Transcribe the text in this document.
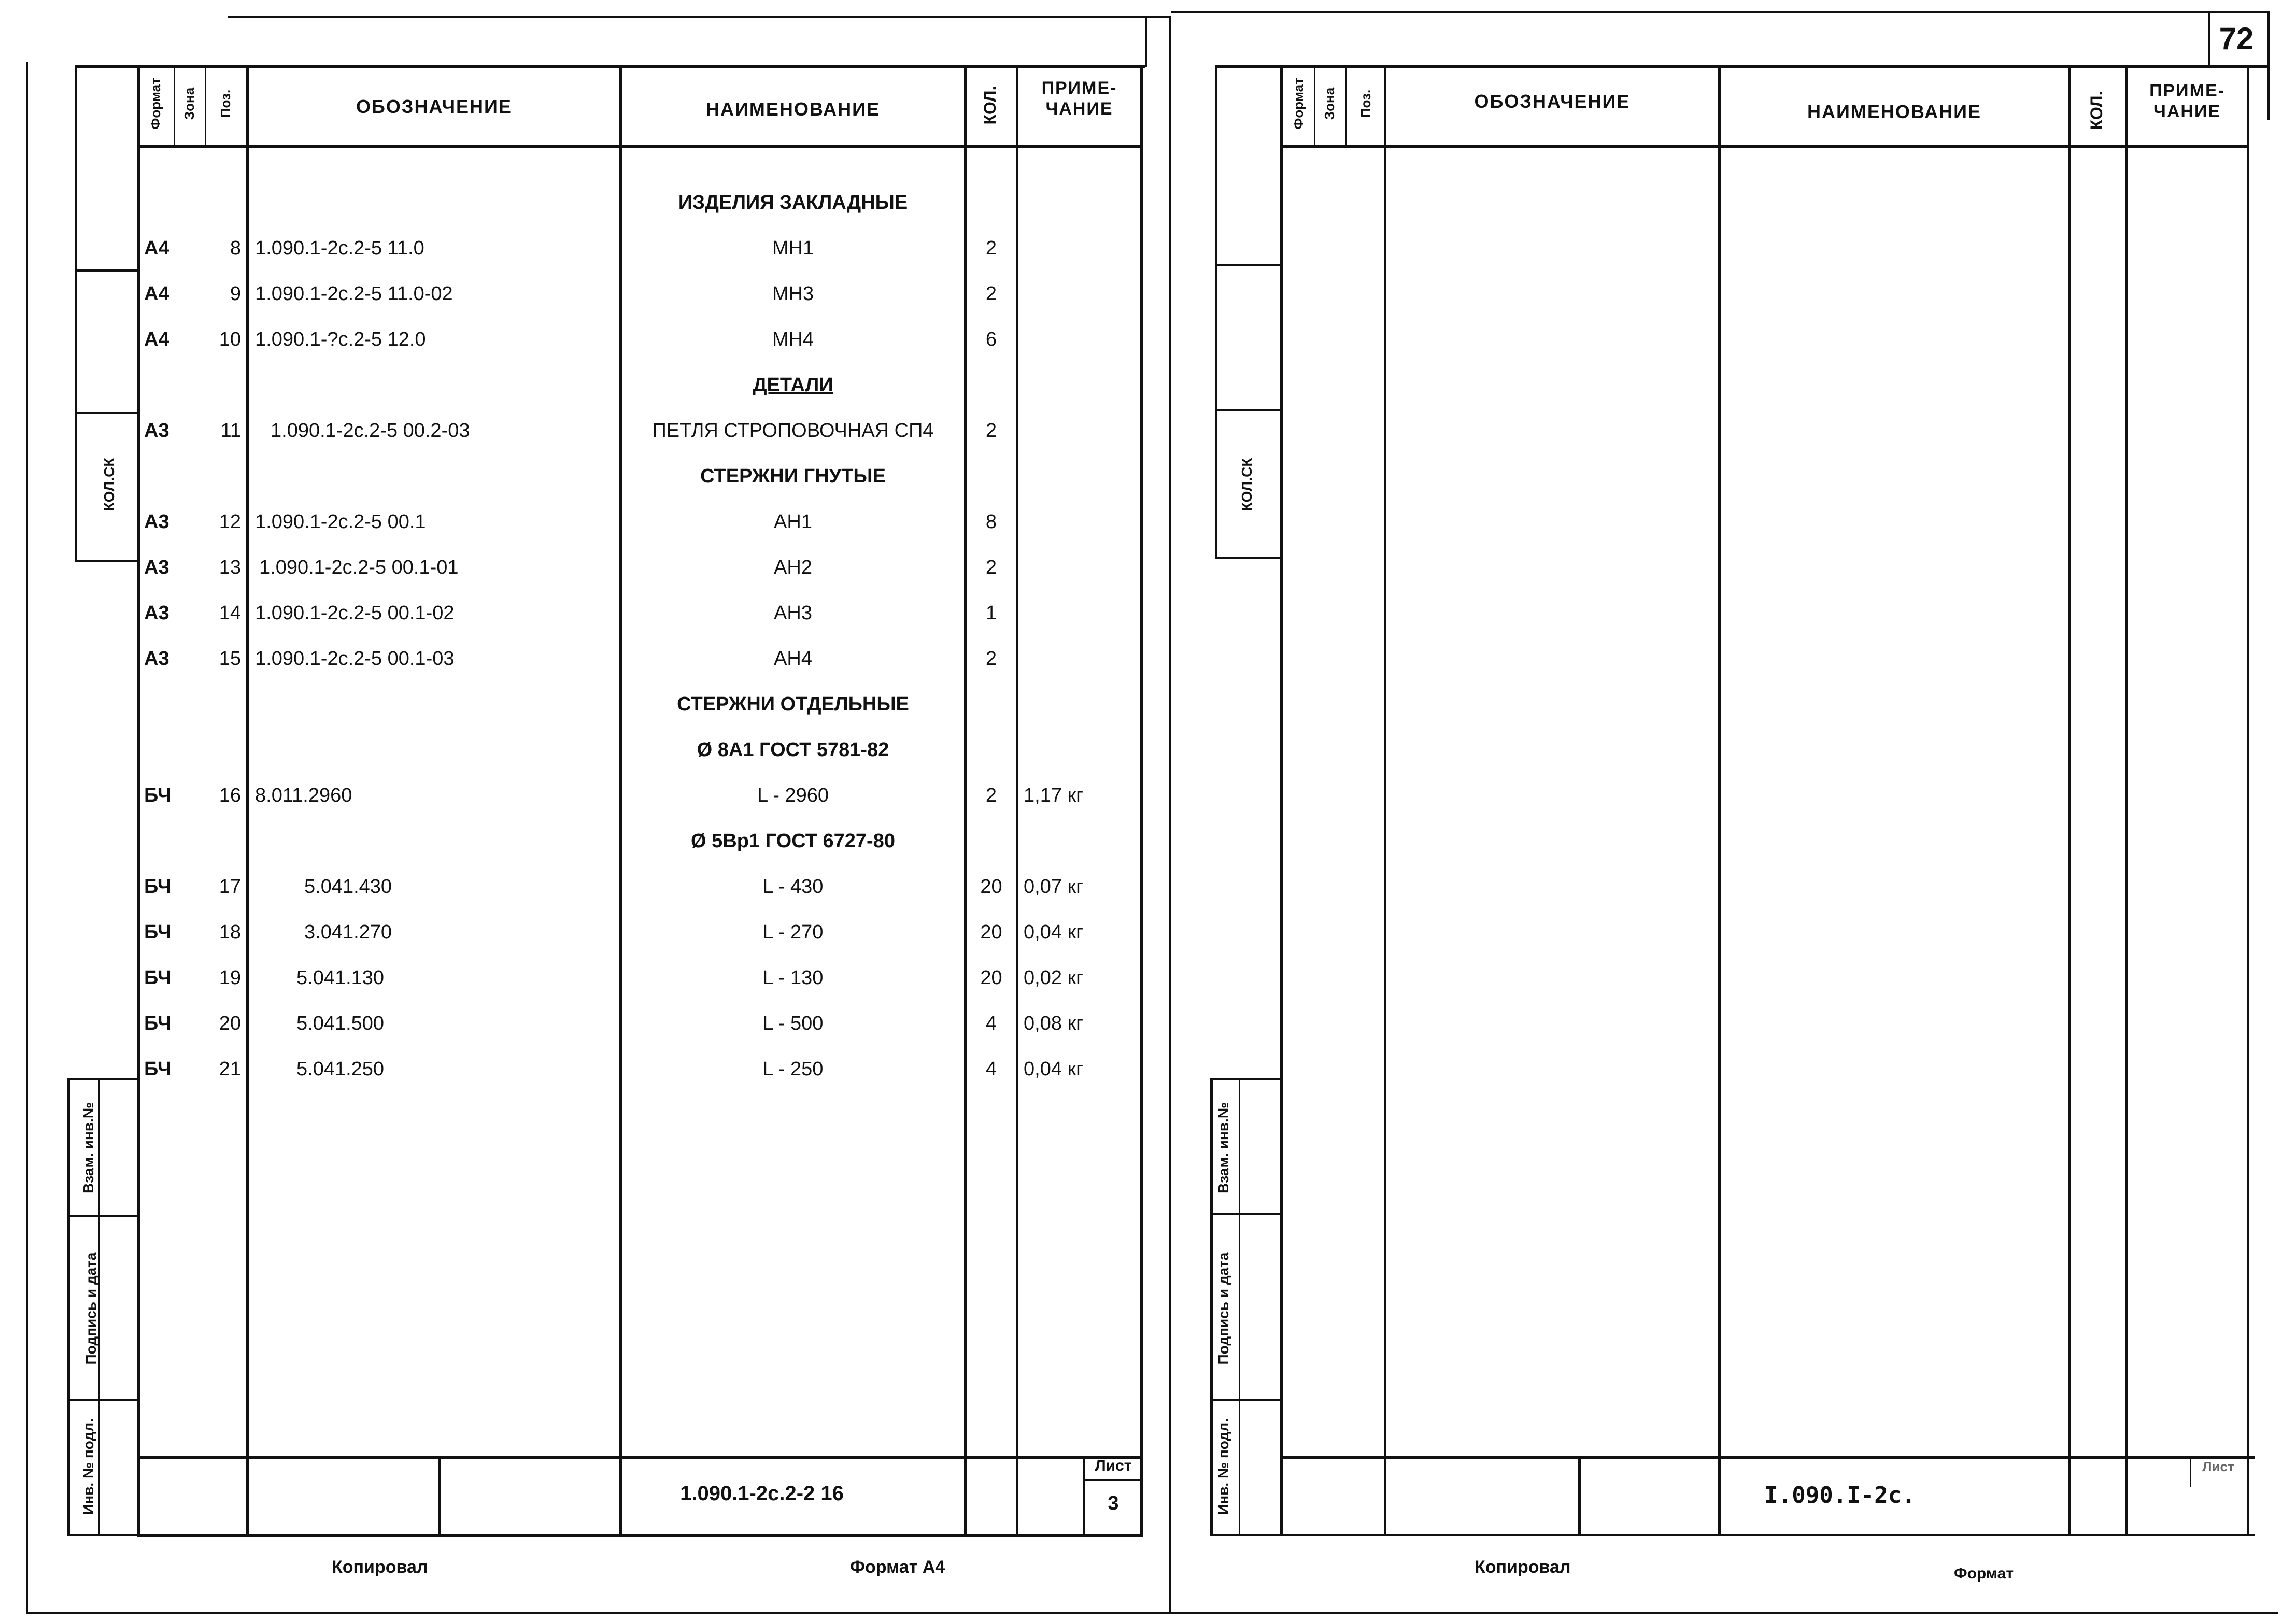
КОЛ.СК
Взам. инв.№
Подпись и дата
Инв. № подл.
Формат Зона Поз.	ОБОЗНАЧЕНИЕ	НАИМЕНОВАНИЕ	КОЛ.	ПРИМЕ-
ЧАНИЕ
ИЗДЕЛИЯ ЗАКЛАДНЫЕ
А4	8 1.090.1-2с.2-5 11.0	МН1	2
А4	9 1.090.1-2с.2-5 11.0-02	МН3	2
А4	10 1.090.1-?с.2-5 12.0	МН4	6
ДЕТАЛИ
А3	11 1.090.1-2с.2-5 00.2-03	ПЕТЛЯ СТРОПОВОЧНАЯ СП4	2
СТЕРЖНИ ГНУТЫЕ
А3	12 1.090.1-2с.2-5 00.1	АН1	8
А3	13 1.090.1-2с.2-5 00.1-01	АН2	2
А3	14 1.090.1-2с.2-5 00.1-02	АН3	1
А3	15 1.090.1-2с.2-5 00.1-03	АН4	2
СТЕРЖНИ ОТДЕЛЬНЫЕ
Ø 8А1 ГОСТ 5781-82
БЧ	16 8.011.2960	L - 2960	2	1,17 кг
Ø 5Вр1 ГОСТ 6727-80
БЧ	17	5.041.430	L - 430	20	0,07 кг
БЧ	18	3.041.270	L - 270	20	0,04 кг
БЧ	19	5.041.130	L - 130	20	0,02 кг
БЧ	20	5.041.500	L - 500	4	0,08 кг
БЧ	21	5.041.250	L - 250	4	0,04 кг
1.090.1-2с.2-2 16
Лист
3
Копировал	Формат А4
72
КОЛ.СК
Взам. инв.№
Подпись и дата
Инв. № подл.
Формат Зона Поз.	ОБОЗНАЧЕНИЕ	НАИМЕНОВАНИЕ	КОЛ.
ПРИМЕ-
ЧАНИЕ
I.090.I-2с.
Лист
Копировал	Формат
